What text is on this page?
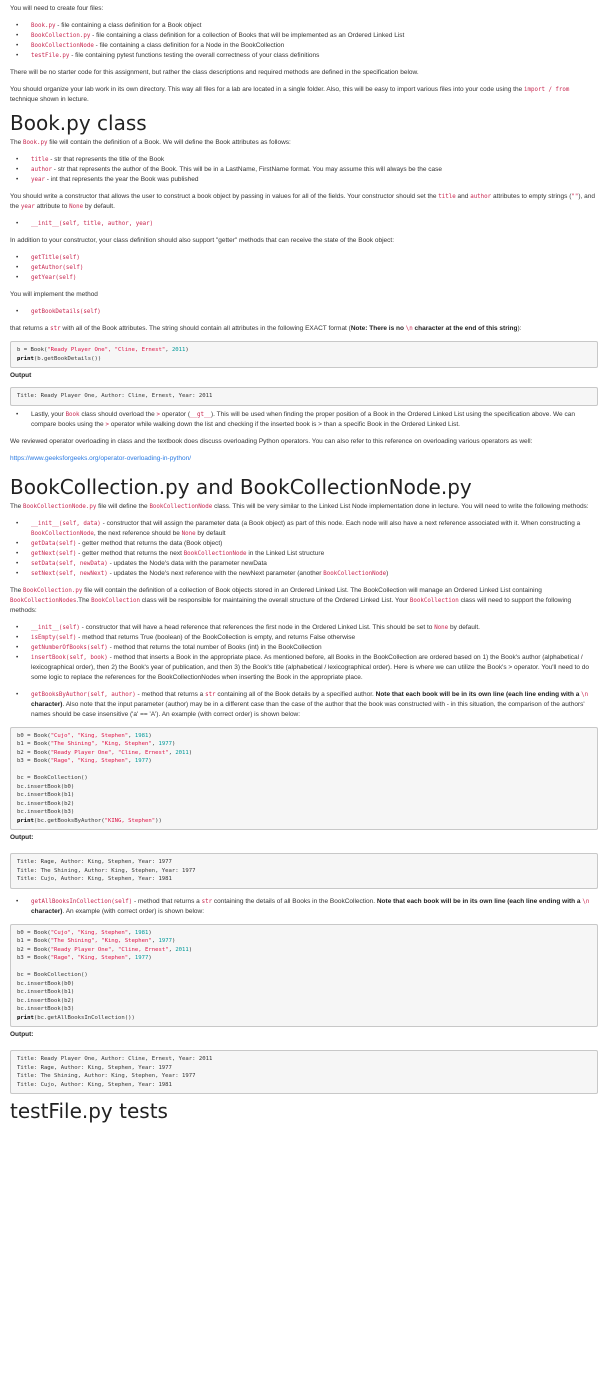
You will need to create four files:

• Book.py - file containing a class definition for a Book object
• BookCollection.py - file containing a class definition for a collection of Books that will be implemented as an Ordered Linked List
• BookCollectionNode - file containing a class definition for a Node in the BookCollection
• testFile.py - file containing pytest functions testing the overall correctness of your class definitions

There will be no starter code for this assignment, but rather the class descriptions and required methods are defined in the specification below.

You should organize your lab work in its own directory. This way all files for a lab are located in a single folder. Also, this will be easy to import various files into your code using the import / from technique shown in lecture.

Book.py class

The Book.py file will contain the definition of a Book. We will define the Book attributes as follows:

• title - str that represents the title of the Book
• author - str that represents the author of the Book. This will be in a LastName, FirstName format. You may assume this will always be the case
• year - int that represents the year the Book was published

You should write a constructor that allows the user to construct a book object by passing in values for all of the fields. Your constructor should set the title and author attributes to empty strings (""), and the year attribute to None by default.

• __init__(self, title, author, year)

In addition to your constructor, your class definition should also support "getter" methods that can receive the state of the Book object:

• getTitle(self)
• getAuthor(self)
• getYear(self)

You will implement the method

• getBookDetails(self)

that returns a str with all of the Book attributes. The string should contain all attributes in the following EXACT format (Note: There is no \n character at the end of this string):

b = Book("Ready Player One", "Cline, Ernest", 2011)
print(b.getBookDetails())
Output
Title: Ready Player One, Author: Cline, Ernest, Year: 2011
• Lastly, your Book class should overload the > operator (__gt__). This will be used when finding the proper position of a Book in the Ordered Linked List using the specification above. We can compare books using the > operator while walking down the list and checking if the inserted book is > than a specific Book in the Ordered Linked List.

We reviewed operator overloading in class and the textbook does discuss overloading Python operators. You can also refer to this reference on overloading various operators as well:

https://www.geeksforgeeks.org/operator-overloading-in-python/

BookCollection.py and BookCollectionNode.py

The BookCollectionNode.py file will define the BookCollectionNode class. This will be very similar to the Linked List Node implementation done in lecture. You will need to write the following methods:

• __init__(self, data) - constructor that will assign the parameter data (a Book object) as part of this node. Each node will also have a next reference associated with it. When constructing a BookCollectionNode, the next reference should be None by default
• getData(self) - getter method that returns the data (Book object)
• getNext(self) - getter method that returns the next BookCollectionNode in the Linked List structure
• setData(self, newData) - updates the Node's data with the parameter newData
• setNext(self, newNext) - updates the Node's next reference with the newNext parameter (another BookCollectionNode)

The BookCollection.py file will contain the definition of a collection of Book objects stored in an Ordered Linked List. The BookCollection will manage an Ordered Linked List containing BookCollectionNodes.The BookCollection class will be responsible for maintaining the overall structure of the Ordered Linked List. Your BookCollection class will need to support the following methods:

• __init__(self) - constructor that will have a head reference that references the first node in the Ordered Linked List. This should be set to None by default.
• isEmpty(self) - method that returns True (boolean) of the BookCollection is empty, and returns False otherwise
• getNumberOfBooks(self) - method that returns the total number of Books (int) in the BookCollection
• insertBook(self, book) - method that inserts a Book in the appropriate place. As mentioned before, all Books in the BookCollection are ordered based on 1) the Book's author (alphabetical / lexicographical order), then 2) the Book's year of publication, and then 3) the Book's title (alphabetical / lexicographical order). Here is where we can utilize the Book's > operator. You'll need to do some logic to replace the references for the BookCollectionNodes when inserting the Book in the appropriate place.
• getBooksByAuthor(self, author) - method that returns a str containing all of the Book details by a specified author. Note that each book will be in its own line (each line ending with a \n character). Also note that the input parameter (author) may be in a different case than the case of the author that the book was constructed with - in this situation, the comparison of the authors' names should be case insensitive ('a' == 'A'). An example (with correct order) is shown below:
b0 = Book("Cujo", "King, Stephen", 1981)
b1 = Book("The Shining", "King, Stephen", 1977)
b2 = Book("Ready Player One", "Cline, Ernest", 2011)
b3 = Book("Rage", "King, Stephen", 1977)

bc = BookCollection()
bc.insertBook(b0)
bc.insertBook(b1)
bc.insertBook(b2)
bc.insertBook(b3)
print(bc.getBooksByAuthor("KING, Stephen"))
Output:
Title: Rage, Author: King, Stephen, Year: 1977
Title: The Shining, Author: King, Stephen, Year: 1977
Title: Cujo, Author: King, Stephen, Year: 1981
• getAllBooksInCollection(self) - method that returns a str containing the details of all Books in the BookCollection. Note that each book will be in its own line (each line ending with a \n character). An example (with correct order) is shown below:
b0 = Book("Cujo", "King, Stephen", 1981)
b1 = Book("The Shining", "King, Stephen", 1977)
b2 = Book("Ready Player One", "Cline, Ernest", 2011)
b3 = Book("Rage", "King, Stephen", 1977)

bc = BookCollection()
bc.insertBook(b0)
bc.insertBook(b1)
bc.insertBook(b2)
bc.insertBook(b3)
print(bc.getAllBooksInCollection())
Output:
Title: Ready Player One, Author: Cline, Ernest, Year: 2011
Title: Rage, Author: King, Stephen, Year: 1977
Title: The Shining, Author: King, Stephen, Year: 1977
Title: Cujo, Author: King, Stephen, Year: 1981
testFile.py tests
